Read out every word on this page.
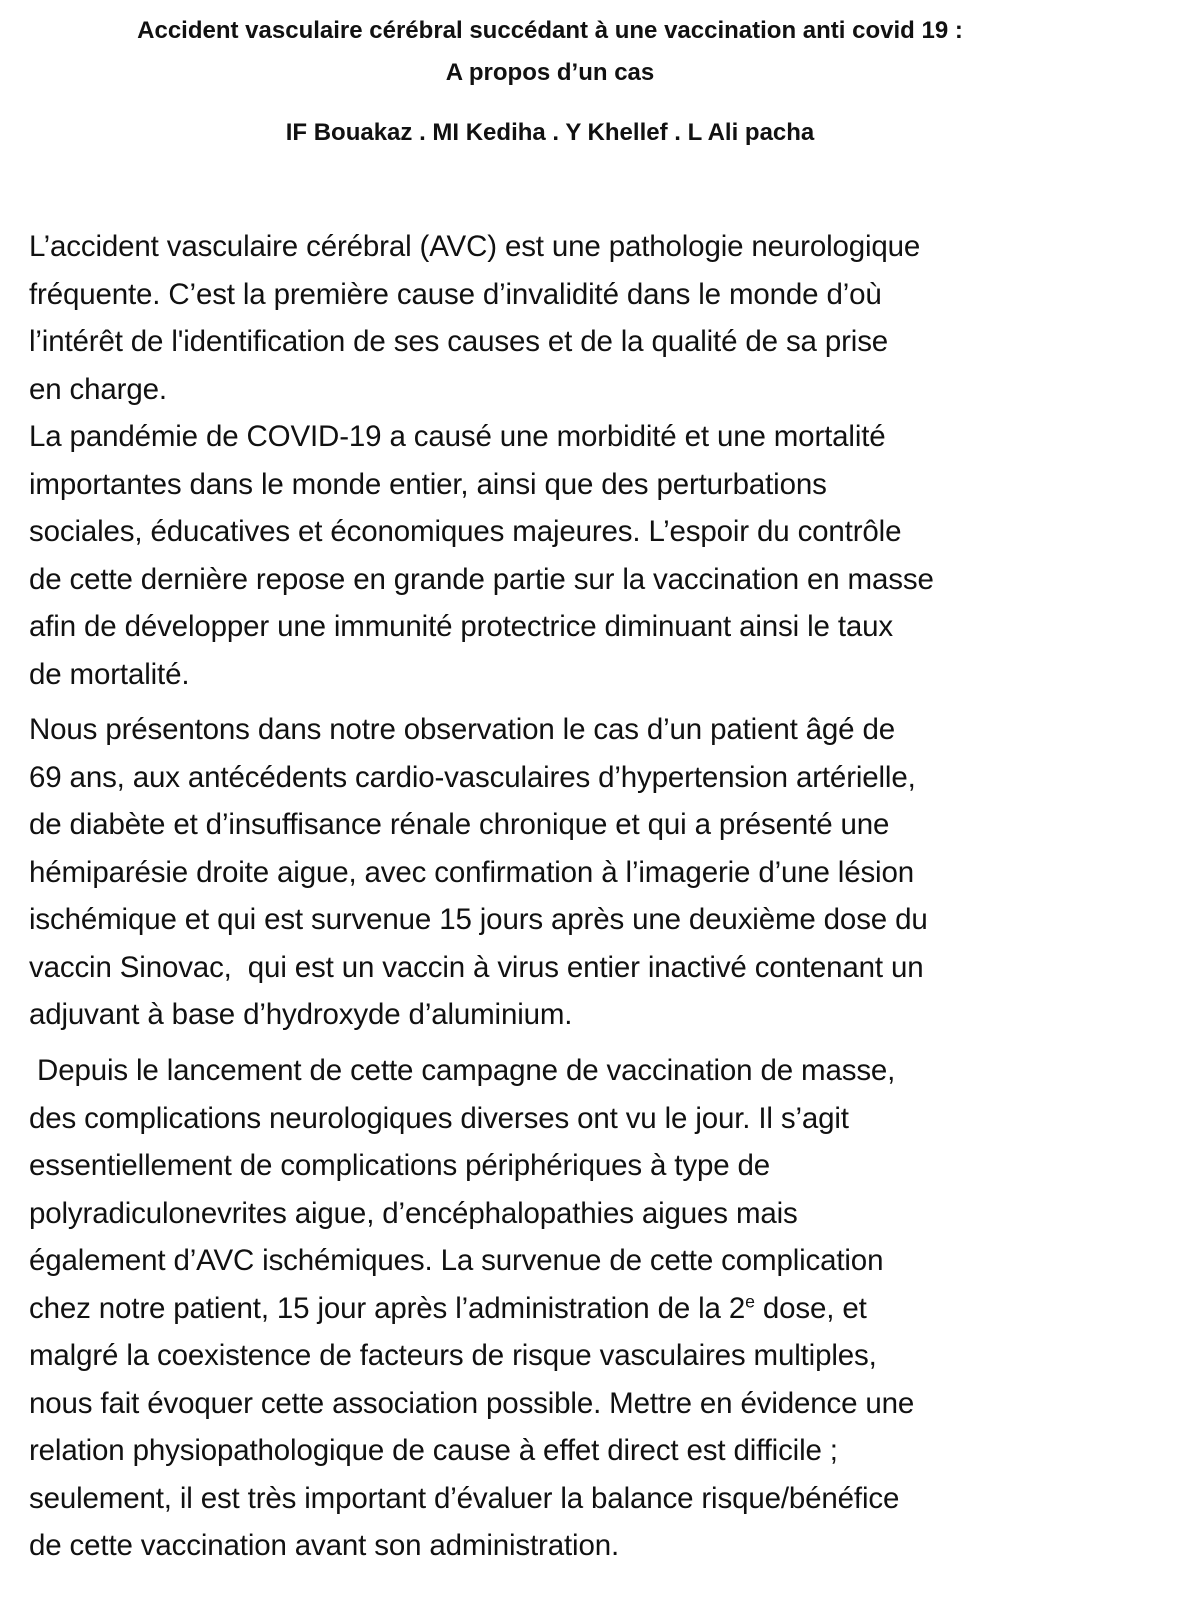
Accident vasculaire cérébral succédant à une vaccination anti covid 19 :
A propos d’un cas
IF Bouakaz . MI Kediha . Y Khellef . L Ali pacha
L’accident vasculaire cérébral (AVC) est une pathologie neurologique
fréquente. C’est la première cause d’invalidité dans le monde d’où
l’intérêt de l'identification de ses causes et de la qualité de sa prise
en charge.
La pandémie de COVID-19 a causé une morbidité et une mortalité
importantes dans le monde entier, ainsi que des perturbations
sociales, éducatives et économiques majeures. L’espoir du contrôle
de cette dernière repose en grande partie sur la vaccination en masse
afin de développer une immunité protectrice diminuant ainsi le taux
de mortalité.
Nous présentons dans notre observation le cas d’un patient âgé de
69 ans, aux antécédents cardio-vasculaires d’hypertension artérielle,
de diabète et d’insuffisance rénale chronique et qui a présenté une
hémiparésie droite aigue, avec confirmation à l’imagerie d’une lésion
ischémique et qui est survenue 15 jours après une deuxième dose du
vaccin Sinovac,  qui est un vaccin à virus entier inactivé contenant un
adjuvant à base d’hydroxyde d’aluminium.
Depuis le lancement de cette campagne de vaccination de masse,
des complications neurologiques diverses ont vu le jour. Il s’agit
essentiellement de complications périphériques à type de
polyradiculonevrites aigue, d’encéphalopathies aigues mais
également d’AVC ischémiques. La survenue de cette complication
chez notre patient, 15 jour après l’administration de la 2e dose, et
malgré la coexistence de facteurs de risque vasculaires multiples,
nous fait évoquer cette association possible. Mettre en évidence une
relation physiopathologique de cause à effet direct est difficile ;
seulement, il est très important d’évaluer la balance risque/bénéfice
de cette vaccination avant son administration.
